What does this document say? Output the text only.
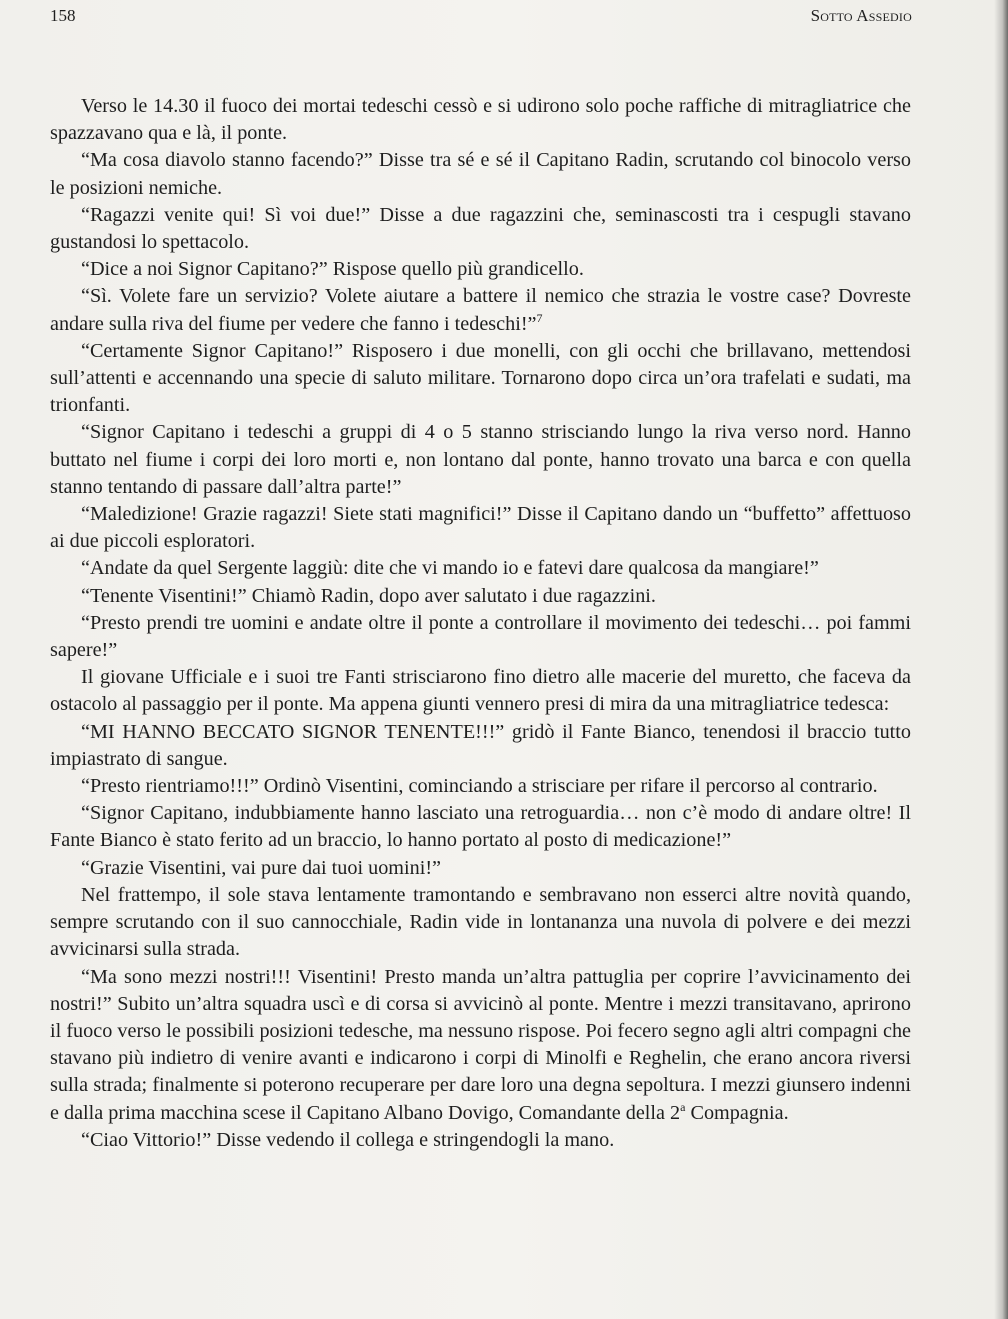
158	Sotto Assedio

Verso le 14.30 il fuoco dei mortai tedeschi cessò e si udirono solo poche raffiche di mitragliatrice che spazzavano qua e là, il ponte.

“Ma cosa diavolo stanno facendo?” Disse tra sé e sé il Capitano Radin, scrutando col binocolo verso le posizioni nemiche.

“Ragazzi venite qui! Sì voi due!” Disse a due ragazzini che, seminascosti tra i cespugli stavano gustandosi lo spettacolo.

“Dice a noi Signor Capitano?” Rispose quello più grandicello.

“Sì. Volete fare un servizio? Volete aiutare a battere il nemico che strazia le vostre case? Dovreste andare sulla riva del fiume per vedere che fanno i tedeschi!”$^7$

“Certamente Signor Capitano!” Risposero i due monelli, con gli occhi che brillavano, mettendosi sull’attenti e accennando una specie di saluto militare. Tornarono dopo circa un’ora trafelati e sudati, ma trionfanti.

“Signor Capitano i tedeschi a gruppi di 4 o 5 stanno strisciando lungo la riva verso nord. Hanno buttato nel fiume i corpi dei loro morti e, non lontano dal ponte, hanno trovato una barca e con quella stanno tentando di passare dall’altra parte!”

“Maledizione! Grazie ragazzi! Siete stati magnifici!” Disse il Capitano dando un “buffetto” affettuoso ai due piccoli esploratori.

“Andate da quel Sergente laggiù: dite che vi mando io e fatevi dare qualcosa da mangiare!”

“Tenente Visentini!” Chiamò Radin, dopo aver salutato i due ragazzini.

“Presto prendi tre uomini e andate oltre il ponte a controllare il movimento dei tedeschi… poi fammi sapere!”

Il giovane Ufficiale e i suoi tre Fanti strisciarono fino dietro alle macerie del muretto, che faceva da ostacolo al passaggio per il ponte. Ma appena giunti vennero presi di mira da una mitragliatrice tedesca:

“MI HANNO BECCATO SIGNOR TENENTE!!!” gridò il Fante Bianco, tenendosi il braccio tutto impiastrato di sangue.

“Presto rientriamo!!!” Ordinò Visentini, cominciando a strisciare per rifare il percorso al contrario.

“Signor Capitano, indubbiamente hanno lasciato una retroguardia… non c’è modo di andare oltre! Il Fante Bianco è stato ferito ad un braccio, lo hanno portato al posto di medicazione!”

“Grazie Visentini, vai pure dai tuoi uomini!”

Nel frattempo, il sole stava lentamente tramontando e sembravano non esserci altre novità quando, sempre scrutando con il suo cannocchiale, Radin vide in lontananza una nuvola di polvere e dei mezzi avvicinarsi sulla strada.

“Ma sono mezzi nostri!!! Visentini! Presto manda un’altra pattuglia per coprire l’avvicinamento dei nostri!” Subito un’altra squadra uscì e di corsa si avvicinò al ponte. Mentre i mezzi transitavano, aprirono il fuoco verso le possibili posizioni tedesche, ma nessuno rispose. Poi fecero segno agli altri compagni che stavano più indietro di venire avanti e indicarono i corpi di Minolfi e Reghelin, che erano ancora riversi sulla strada; finalmente si poterono recuperare per dare loro una degna sepoltura. I mezzi giunsero indenni e dalla prima macchina scese il Capitano Albano Dovigo, Comandante della 2$^a$ Compagnia.

“Ciao Vittorio!” Disse vedendo il collega e stringendogli la mano.
